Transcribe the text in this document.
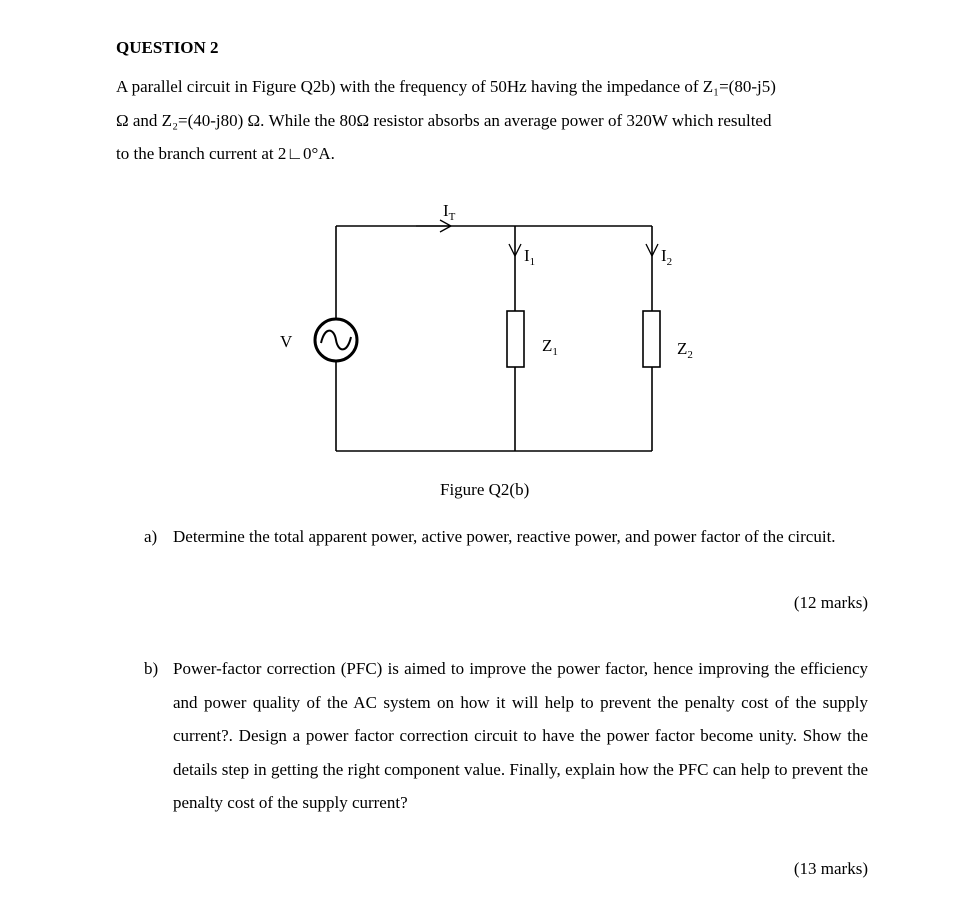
QUESTION 2

A parallel circuit in Figure Q2b) with the frequency of 50Hz having the impedance of Z₁=(80-j5)
Ω and Z₂=(40-j80) Ω. While the 80Ω resistor absorbs an average power of 320W which resulted
to the branch current at 2∟0°A.

V
$I_T$
$I_1$	$I_2$
$Z_1$	$Z_2$
Figure Q2(b)
a) Determine the total apparent power, active power, reactive power, and power factor of the circuit.
(12 marks)
b) Power-factor correction (PFC) is aimed to improve the power factor, hence improving the efficiency and power quality of the AC system on how it will help to prevent the penalty cost of the supply current?. Design a power factor correction circuit to have the power factor become unity. Show the details step in getting the right component value. Finally, explain how the PFC can help to prevent the penalty cost of the supply current?
(13 marks)
